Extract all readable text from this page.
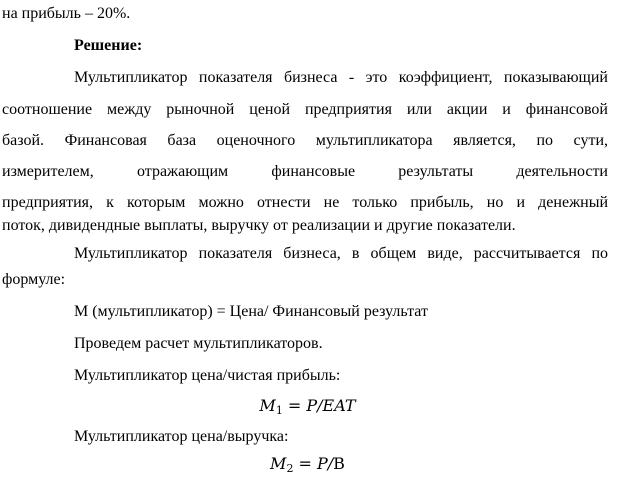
на прибыль – 20%.
Решение:
Мультипликатор показателя бизнеса - это коэффициент, показывающий
соотношение между рыночной ценой предприятия или акции и финансовой
базой. Финансовая база оценочного мультипликатора является, по сути,
измерителем, отражающим финансовые результаты деятельности
предприятия, к которым можно отнести не только прибыль, но и денежный
поток, дивидендные выплаты, выручку от реализации и другие показатели.
Мультипликатор показателя бизнеса, в общем виде, рассчитывается по
формуле:
М (мультипликатор) = Цена/ Финансовый результат
Проведем расчет мультипликаторов.
Мультипликатор цена/чистая прибыль:
$M_1 = P/EAT$
Мультипликатор цена/выручка:
$M_2 = P/В$
